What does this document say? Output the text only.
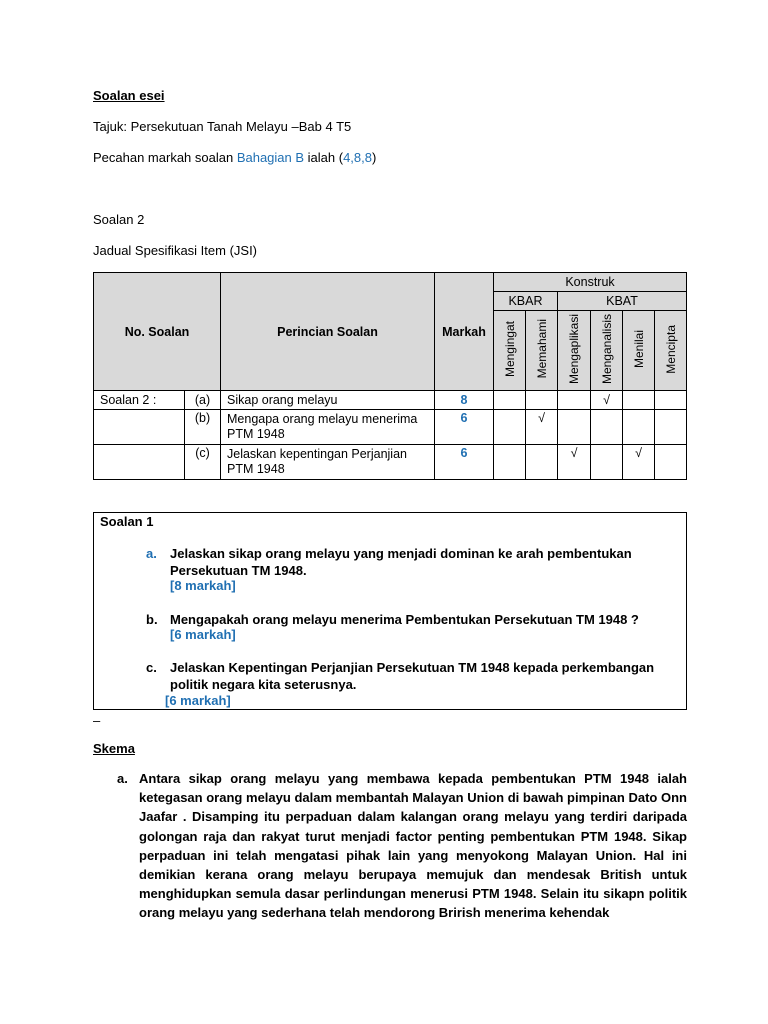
Soalan esei
Tajuk: Persekutuan Tanah Melayu –Bab 4 T5
Pecahan markah soalan Bahagian B ialah (4,8,8)
Soalan 2
Jadual Spesifikasi Item (JSI)
No. Soalan		Perincian Soalan	Markah	Konstruk					
				KBAR		KBAT			
				Mengingat	Memahami	Mengaplikasi	Menganalisis	Menilai	Mencipta
Soalan 2 :	(a)	Sikap orang melayu	8				√		
	(b)	Mengapa orang melayu menerima PTM 1948	6		√				
	(c)	Jelaskan kepentingan Perjanjian PTM 1948	6			√		√	
Soalan 1
a. Jelaskan sikap orang melayu yang menjadi dominan ke arah pembentukan Persekutuan TM 1948.
[8 markah]
b. Mengapakah orang melayu menerima Pembentukan Persekutuan TM 1948 ?
[6 markah]
c. Jelaskan Kepentingan Perjanjian Persekutuan TM 1948 kepada perkembangan politik negara kita seterusnya.
[6 markah]
–
Skema
a. Antara sikap orang melayu yang membawa kepada pembentukan PTM 1948 ialah ketegasan orang melayu dalam membantah Malayan Union di bawah pimpinan Dato Onn Jaafar . Disamping itu perpaduan dalam kalangan orang melayu yang terdiri daripada golongan raja dan rakyat turut menjadi factor penting pembentukan PTM 1948. Sikap perpaduan ini telah mengatasi pihak lain yang menyokong Malayan Union. Hal ini demikian kerana orang melayu berupaya memujuk dan mendesak British untuk menghidupkan semula dasar perlindungan menerusi PTM 1948. Selain itu sikapn politik orang melayu yang sederhana telah mendorong Brirish menerima kehendak
